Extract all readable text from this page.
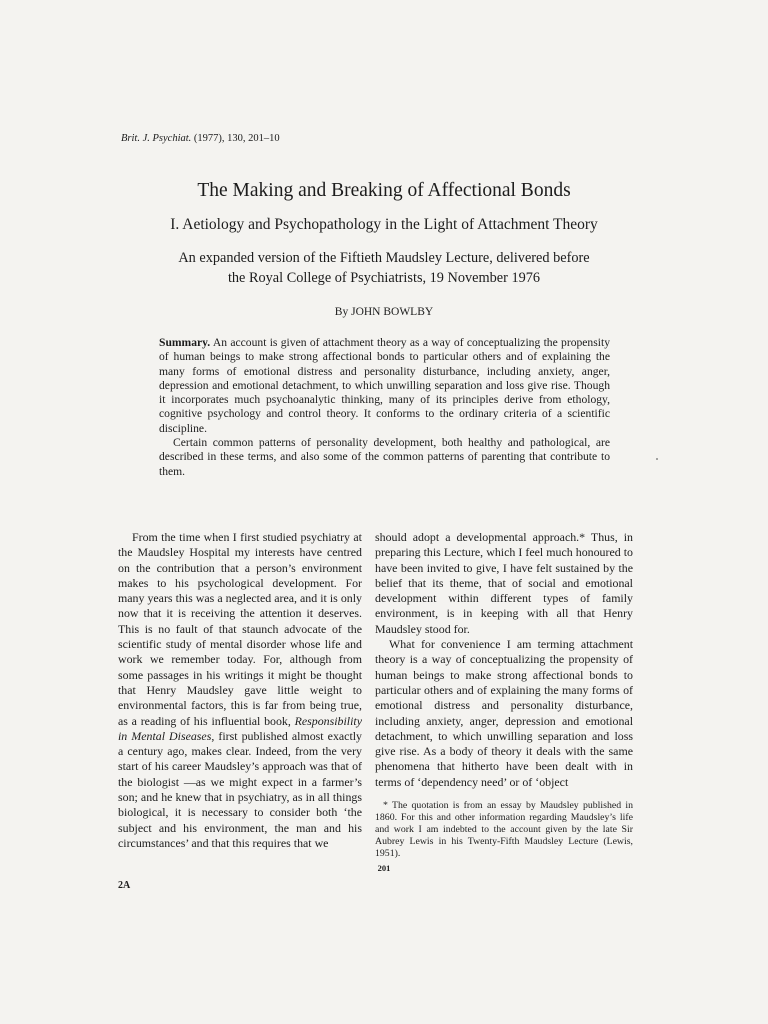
Brit. J. Psychiat. (1977), 130, 201–10
The Making and Breaking of Affectional Bonds
I. Aetiology and Psychopathology in the Light of Attachment Theory
An expanded version of the Fiftieth Maudsley Lecture, delivered before
the Royal College of Psychiatrists, 19 November 1976
By JOHN BOWLBY

Summary. An account is given of attachment theory as a way of conceptualizing the propensity of human beings to make strong affectional bonds to particular others and of explaining the many forms of emotional distress and personality disturbance, including anxiety, anger, depression and emotional detachment, to which unwilling separation and loss give rise. Though it incorporates much psychoanalytic thinking, many of its principles derive from ethology, cognitive psychology and control theory. It conforms to the ordinary criteria of a scientific discipline.

Certain common patterns of personality development, both healthy and pathological, are described in these terms, and also some of the common patterns of parenting that contribute to them.

From the time when I first studied psychiatry at the Maudsley Hospital my interests have centred on the contribution that a person’s environment makes to his psychological development. For many years this was a neglected area, and it is only now that it is receiving the attention it deserves. This is no fault of that staunch advocate of the scientific study of mental disorder whose life and work we remember today. For, although from some passages in his writings it might be thought that Henry Maudsley gave little weight to environmental factors, this is far from being true, as a reading of his influential book, Responsibility in Mental Diseases, first published almost exactly a century ago, makes clear. Indeed, from the very start of his career Maudsley’s approach was that of the biologist —as we might expect in a farmer’s son; and he knew that in psychiatry, as in all things biological, it is necessary to consider both ‘the subject and his environment, the man and his circumstances’ and that this requires that we

should adopt a developmental approach.* Thus, in preparing this Lecture, which I feel much honoured to have been invited to give, I have felt sustained by the belief that its theme, that of social and emotional development within different types of family environment, is in keeping with all that Henry Maudsley stood for.

What for convenience I am terming attachment theory is a way of conceptualizing the propensity of human beings to make strong affectional bonds to particular others and of explaining the many forms of emotional distress and personality disturbance, including anxiety, anger, depression and emotional detachment, to which unwilling separation and loss give rise. As a body of theory it deals with the same phenomena that hitherto have been dealt with in terms of ‘dependency need’ or of ‘object

* The quotation is from an essay by Maudsley published in 1860. For this and other information regarding Maudsley’s life and work I am indebted to the account given by the late Sir Aubrey Lewis in his Twenty-Fifth Maudsley Lecture (Lewis, 1951).
201
2A
